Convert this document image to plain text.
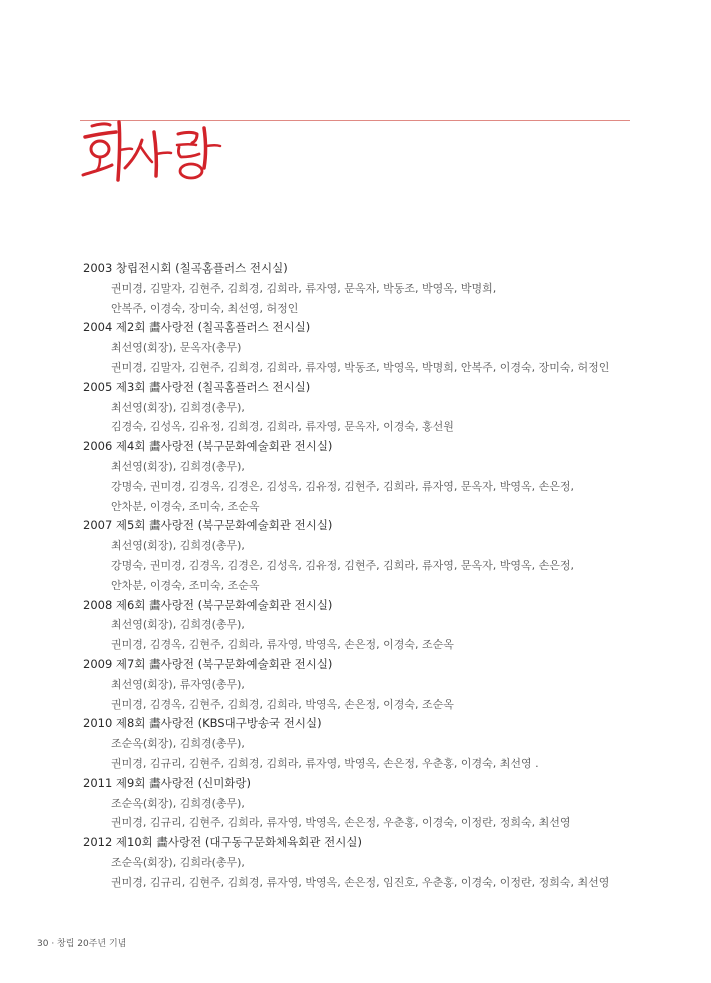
2003 창립전시회 (칠곡홈플러스 전시실)
권미경, 김말자, 김현주, 김희경, 김희라, 류자영, 문옥자, 박동조, 박영옥, 박명희,
안복주, 이경숙, 장미숙, 최선영, 허정인
2004 제2회 畵사랑전 (칠곡홈플러스 전시실)
최선영(회장), 문옥자(총무)
권미경, 김말자, 김현주, 김희경, 김희라, 류자영, 박동조, 박영옥, 박명희, 안복주, 이경숙, 장미숙, 허정인
2005 제3회 畵사랑전 (칠곡홈플러스 전시실)
최선영(회장), 김희경(총무),
김경숙, 김성옥, 김유정, 김희경, 김희라, 류자영, 문옥자, 이경숙, 홍선원
2006 제4회 畵사랑전 (북구문화예술회관 전시실)
최선영(회장), 김희경(총무),
강명숙, 권미경, 김경옥, 김경은, 김성옥, 김유정, 김현주, 김희라, 류자영, 문옥자, 박영옥, 손은정,
안차분, 이경숙, 조미숙, 조순옥
2007 제5회 畵사랑전 (북구문화예술회관 전시실)
최선영(회장), 김희경(총무),
강명숙, 권미경, 김경옥, 김경은, 김성옥, 김유정, 김현주, 김희라, 류자영, 문옥자, 박영옥, 손은정,
안차분, 이경숙, 조미숙, 조순옥
2008 제6회 畵사랑전 (북구문화예술회관 전시실)
최선영(회장), 김희경(총무),
권미경, 김경옥, 김현주, 김희라, 류자영, 박영옥, 손은정, 이경숙, 조순옥
2009 제7회 畵사랑전 (북구문화예술회관 전시실)
최선영(회장), 류자영(총무),
권미경, 김경옥, 김현주, 김희경, 김희라, 박영옥, 손은정, 이경숙, 조순옥
2010 제8회 畵사랑전 (KBS대구방송국 전시실)
조순옥(회장), 김희경(총무),
권미경, 김규리, 김현주, 김희경, 김희라, 류자영, 박영옥, 손은정, 우춘홍, 이경숙, 최선영 .
2011 제9회 畵사랑전 (신미화랑)
조순옥(회장), 김희경(총무),
권미경, 김규리, 김현주, 김희라, 류자영, 박영옥, 손은정, 우춘홍, 이경숙, 이정란, 정희숙, 최선영
2012 제10회 畵사랑전 (대구동구문화체육회관 전시실)
조순옥(회장), 김희라(총무),
권미경, 김규리, 김현주, 김희경, 류자영, 박영옥, 손은정, 임진호, 우춘홍, 이경숙, 이정란, 정희숙, 최선영
30 · 창립 20주년 기념
